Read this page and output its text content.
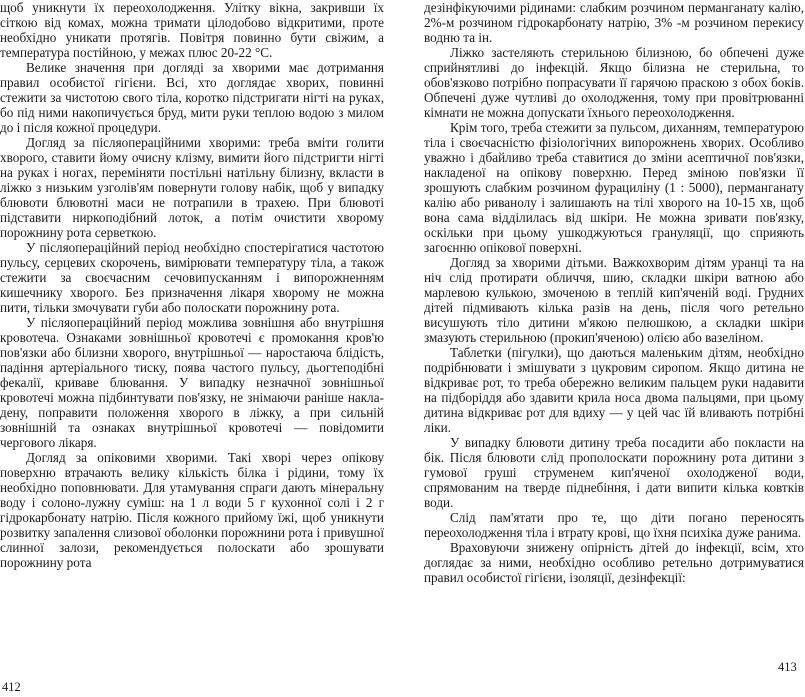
щоб уникнути їх переохолодження. Улітку вікна, закривши їх сіткою від комах, можна тримати цілодобово відкритими, проте необхідно уникати протягів. Повітря повинно бути свіжим, а температура постійною, у межах плюс 20-22 °С.

Велике значення при догляді за хворими має дотримання правил особистої гігієни. Всі, хто доглядає хворих, повинні стежити за чистотою свого тіла, коротко підстригати нігті на руках, бо під ними накопичується бруд, мити руки теплою водою з милом до і після кожної процедури.

Догляд за післяопераційними хворими: треба вміти голити хворого, ставити йому очисну клізму, вимити його підстригти нігті на руках і ногах, переміняти постільні натільну білизну, вкласти в ліжко з низьким узголів'ям повернути голову набік, щоб у випадку блювоти блювотні маси не потрапили в трахею. При блювоті підставити ниркоподібний лоток, а потім очистити хворому порожнину рота серветкою.

У післяопераційний період необхідно спостерігатися частотою пульсу, серцевих скорочень, вимірювати температуру тіла, а також стежити за своєчасним сечовипусканням і випорожненням кишечнику хворого. Без призначення лікаря хворому не можна пити, тільки змочувати губи або полоскати порожнину рота.

У післяопераційний період можлива зовнішня або внутрішня кровотеча. Ознаками зовнішньої кровотечі є промокання кров'ю пов'язки або білизни хворого, внутрішньої — наростаюча блідість, падіння артеріального тиску, поява частого пульсу, дьогтеподібні фекалії, криваве блювання. У випадку незначної зовнішньої кровотечі можна підбинтувати пов'язку, не знімаючи раніше накладену, поправити положення хворого в ліжку, а при сильній зовнішній та ознаках внутрішньої кровотечі — повідомити чергового лікаря.

Догляд за опіковими хворими. Такі хворі через опікову поверхню втрачають велику кількість білка і рідини, тому їх необхідно поповнювати. Для утамування спраги дають мінеральну воду і солоно-лужну суміш: на 1 л води 5 г кухонної солі і 2 г гідрокарбонату натрію. Після кожного прийому їжі, щоб уникнути розвитку запалення слизової оболонки порожнини рота і привушної слинної залози, рекомендується полоскати або зрошувати порожнину рота

дезінфікуючими рідинами: слабким розчином перманганату калію, 2%-м розчином гідрокарбонату натрію, 3% -м розчином перекису водню та ін.

Ліжко застеляють стерильною білизною, бо обпечені дуже сприйнятливі до інфекцій. Якщо білизна не стерильна, то обов'язково потрібно попрасувати її гарячою праскою з обох боків. Обпечені дуже чутливі до охолодження, тому при провітрюванні кімнати не можна допускати їхнього переохолодження.

Крім того, треба стежити за пульсом, диханням, температурою тіла і своєчасністю фізіологічних випорожнень хворих. Особливо уважно і дбайливо треба ставитися до зміни асептичної пов'язки, накладеної на опікову поверхню. Перед зміною пов'язки її зрошують слабким розчином фурациліну (1 : 5000), перманганату калію або риванолу і залишають на тілі хворого на 10-15 хв, щоб вона сама відділилась від шкіри. Не можна зривати пов'язку, оскільки при цьому ушкоджуються грануляції, що сприяють загоєнню опікової поверхні.

Догляд за хворими дітьми. Важкохворим дітям уранці та на ніч слід протирати обличчя, шию, складки шкіри ватною або марлевою кулькою, змоченою в теплій кип'яченій воді. Грудних дітей підмивають кілька разів на день, після чого ретельно висушують тіло дитини м'якою пелюшкою, а складки шкіри змазують стерильною (прокип'яченою) олією або вазеліном.

Таблетки (пігулки), що даються маленьким дітям, необхідно подрібнювати і змішувати з цукровим сиропом. Якщо дитина не відкриває рот, то треба обережно великим пальцем руки надавити на підборіддя або здавити крила носа двома пальцями, при цьому дитина відкриває рот для вдиху — у цей час їй вливають потрібні ліки.

У випадку блювоти дитину треба посадити або покласти на бік. Після блювоти слід прополоскати порожнину рота дитини з гумової груші струменем кип'яченої охолодженої води, спрямованим на тверде піднебіння, і дати випити кілька ковтків води.

Слід пам'ятати про те, що діти погано переносять переохолодження тіла і втрату крові, що їхня психіка дуже ранима.

Враховуючи знижену опірність дітей до інфекції, всім, хто доглядає за ними, необхідно особливо ретельно дотримуватися правил особистої гігієни, ізоляції, дезінфекції:

412
413
